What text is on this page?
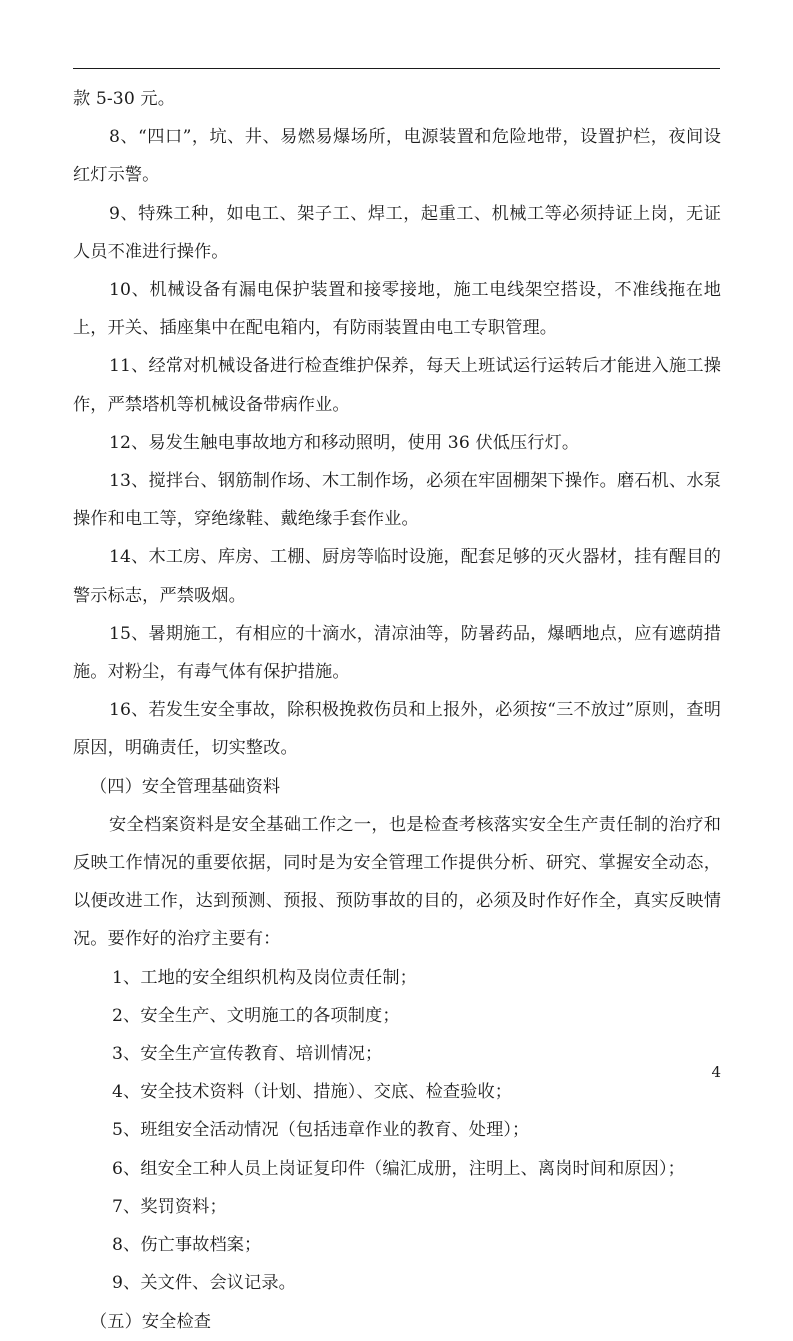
款 5-30 元。

8、“四口”，坑、井、易燃易爆场所，电源装置和危险地带，设置护栏，夜间设红灯示警。

9、特殊工种，如电工、架子工、焊工，起重工、机械工等必须持证上岗，无证人员不准进行操作。

10、机械设备有漏电保护装置和接零接地，施工电线架空搭设，不准线拖在地上，开关、插座集中在配电箱内，有防雨装置由电工专职管理。

11、经常对机械设备进行检查维护保养，每天上班试运行运转后才能进入施工操作，严禁塔机等机械设备带病作业。

12、易发生触电事故地方和移动照明，使用 36 伏低压行灯。

13、搅拌台、钢筋制作场、木工制作场，必须在牢固棚架下操作。磨石机、水泵操作和电工等，穿绝缘鞋、戴绝缘手套作业。

14、木工房、库房、工棚、厨房等临时设施，配套足够的灭火器材，挂有醒目的警示标志，严禁吸烟。

15、暑期施工，有相应的十滴水，清凉油等，防暑药品，爆晒地点，应有遮荫措施。对粉尘，有毒气体有保护措施。

16、若发生安全事故，除积极挽救伤员和上报外，必须按“三不放过”原则，查明原因，明确责任，切实整改。

（四）安全管理基础资料

安全档案资料是安全基础工作之一，也是检查考核落实安全生产责任制的治疗和反映工作情况的重要依据，同时是为安全管理工作提供分析、研究、掌握安全动态，以便改进工作，达到预测、预报、预防事故的目的，必须及时作好作全，真实反映情况。要作好的治疗主要有：

1、工地的安全组织机构及岗位责任制；

2、安全生产、文明施工的各项制度；

3、安全生产宣传教育、培训情况；

4、安全技术资料（计划、措施）、交底、检查验收；

5、班组安全活动情况（包括违章作业的教育、处理）；

6、组安全工种人员上岗证复印件（编汇成册，注明上、离岗时间和原因）；

7、奖罚资料；

8、伤亡事故档案；

9、关文件、会议记录。

（五）安全检查

4
